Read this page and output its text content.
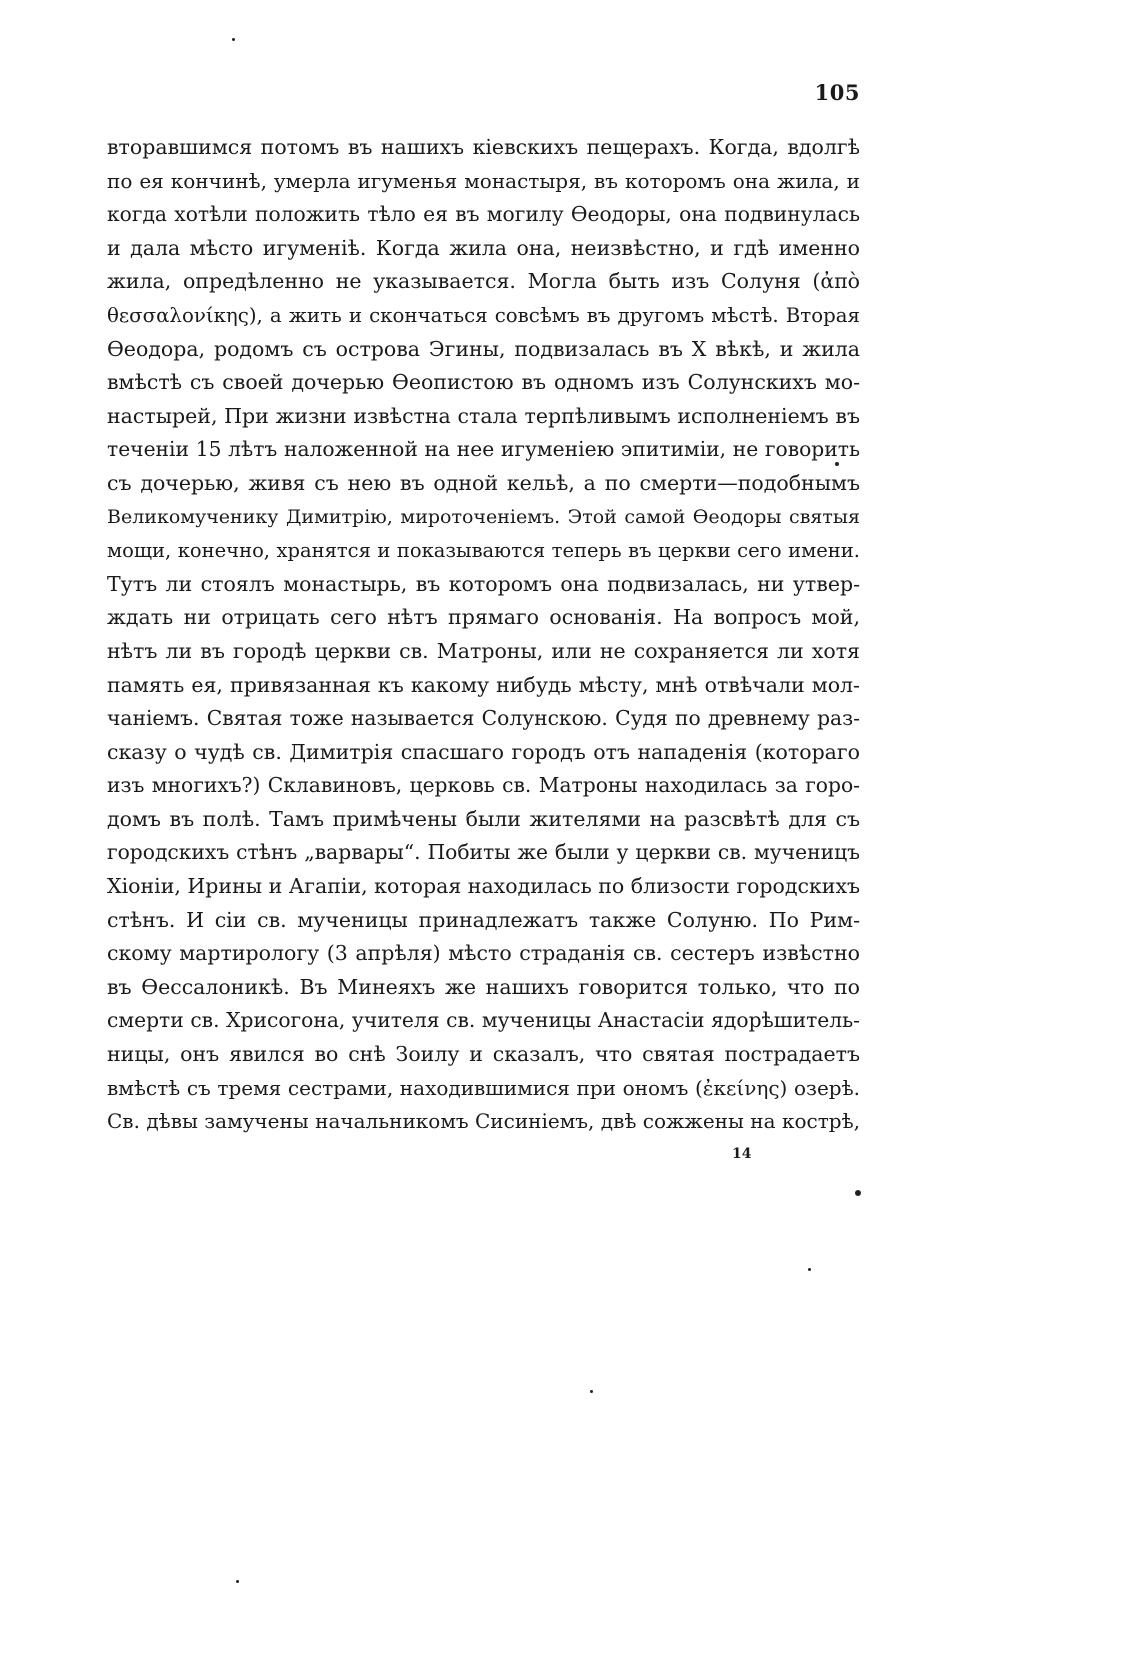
105
вторавшимся потомъ въ нашихъ кіевскихъ пещерахъ. Когда, вдолгѣ
по ея кончинѣ, умерла игуменья монастыря, въ которомъ она жила, и
когда хотѣли положить тѣло ея въ могилу Өеодоры, она подвинулась
и дала мѣсто игуменіѣ. Когда жила она, неизвѣстно, и гдѣ именно
жила, опредѣленно не указывается. Могла быть изъ Солуня (ἀπὸ
θεσσαλονίκης), а жить и скончаться совсѣмъ въ другомъ мѣстѣ. Вторая
Өеодора, родомъ съ острова Эгины, подвизалась въ X вѣкѣ, и жила
вмѣстѣ съ своей дочерью Өеопистою въ одномъ изъ Солунскихъ мо-
настырей, При жизни извѣстна стала терпѣливымъ исполненіемъ въ
теченіи 15 лѣтъ наложенной на нее игуменіею эпитиміи, не говорить
съ дочерью, живя съ нею въ одной кельѣ, а по смерти—подобнымъ
Великомученику Димитрію, мироточеніемъ. Этой самой Өеодоры святыя
мощи, конечно, хранятся и показываются теперь въ церкви сего имени.
Тутъ ли стоялъ монастырь, въ которомъ она подвизалась, ни утвер-
ждать ни отрицать сего нѣтъ прямаго основанія. На вопросъ мой,
нѣтъ ли въ городѣ церкви св. Матроны, или не сохраняется ли хотя
память ея, привязанная къ какому нибудь мѣсту, мнѣ отвѣчали мол-
чаніемъ. Святая тоже называется Солунскою. Судя по древнему раз-
сказу о чудѣ св. Димитрія спасшаго городъ отъ нападенія (котораго
изъ многихъ?) Склавиновъ, церковь св. Матроны находилась за горо-
домъ въ полѣ. Тамъ примѣчены были жителями на разсвѣтѣ для съ
городскихъ стѣнъ „варвары“. Побиты же были у церкви св. мученицъ
Хіоніи, Ирины и Агапіи, которая находилась по близости городскихъ
стѣнъ. И сіи св. мученицы принадлежатъ также Солуню. По Рим-
скому мартирологу (3 апрѣля) мѣсто страданія св. сестеръ извѣстно
въ Өессалоникѣ. Въ Минеяхъ же нашихъ говорится только, что по
смерти св. Хрисогона, учителя св. мученицы Анастасіи ядорѣшитель-
ницы, онъ явился во снѣ Зоилу и сказалъ, что святая пострадаетъ
вмѣстѣ съ тремя сестрами, находившимися при ономъ (ἐκείνης) озерѣ.
Св. дѣвы замучены начальникомъ Сисиніемъ, двѣ сожжены на кострѣ,
14
